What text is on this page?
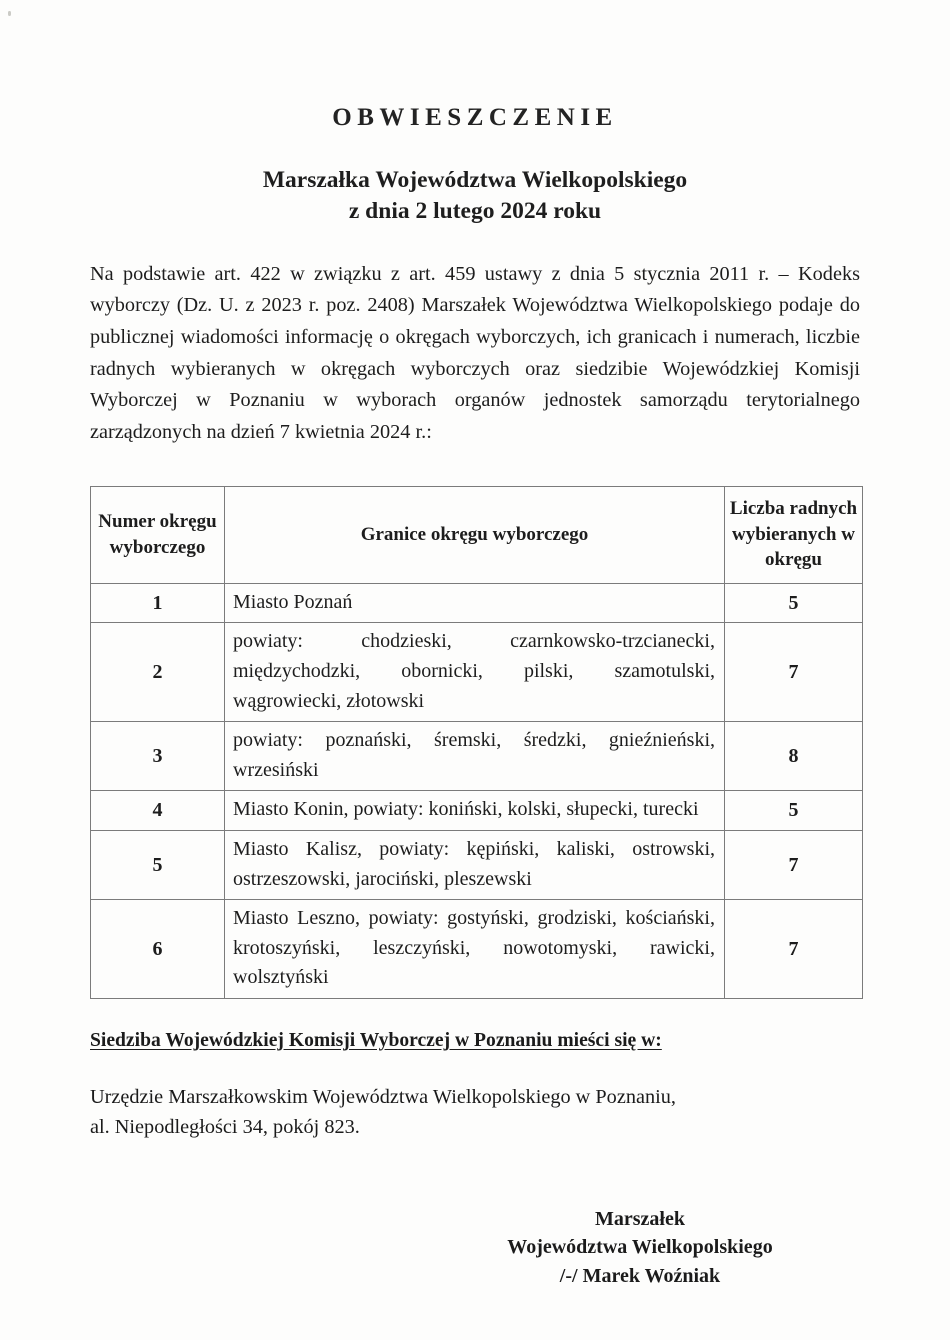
OBWIESZCZENIE
Marszałka Województwa Wielkopolskiego
z dnia 2 lutego 2024 roku

Na podstawie art. 422 w związku z art. 459 ustawy z dnia 5 stycznia 2011 r. – Kodeks wyborczy (Dz. U. z 2023 r. poz. 2408) Marszałek Województwa Wielkopolskiego podaje do publicznej wiadomości informację o okręgach wyborczych, ich granicach i numerach, liczbie radnych wybieranych w okręgach wyborczych oraz siedzibie Wojewódzkiej Komisji Wyborczej w Poznaniu w wyborach organów jednostek samorządu terytorialnego zarządzonych na dzień 7 kwietnia 2024 r.:

Numer okręgu wyborczego	Granice okręgu wyborczego	Liczba radnych wybieranych w okręgu
1	Miasto Poznań	5
2	powiaty: chodzieski, czarnkowsko-trzcianecki, międzychodzki, obornicki, pilski, szamotulski, wągrowiecki, złotowski	7
3	powiaty: poznański, śremski, średzki, gnieźnieński, wrzesiński	8
4	Miasto Konin, powiaty: koniński, kolski, słupecki, turecki	5
5	Miasto Kalisz, powiaty: kępiński, kaliski, ostrowski, ostrzeszowski, jarociński, pleszewski	7
6	Miasto Leszno, powiaty: gostyński, grodziski, kościański, krotoszyński, leszczyński, nowotomyski, rawicki, wolsztyński	7
Siedziba Wojewódzkiej Komisji Wyborczej w Poznaniu mieści się w:

Urzędzie Marszałkowskim Województwa Wielkopolskiego w Poznaniu,
al. Niepodległości 34, pokój 823.

Marszałek
Województwa Wielkopolskiego
/-/ Marek Woźniak
